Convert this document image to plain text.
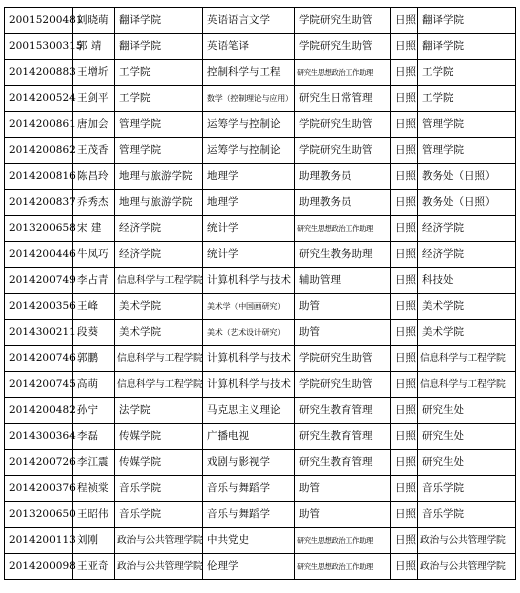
20015200481	刘晓萌	翻译学院	英语语言文学	学院研究生助管	日照	翻译学院
20015300315	郭 靖	翻译学院	英语笔译	学院研究生助管	日照	翻译学院
2014200883	王增圻	工学院	控制科学与工程	研究生思想政治工作助理	日照	工学院
2014200524	王剑平	工学院	数学（控制理论与应用）	研究生日常管理	日照	工学院
2014200861	唐加会	管理学院	运筹学与控制论	学院研究生助管	日照	管理学院
2014200862	王茂香	管理学院	运筹学与控制论	学院研究生助管	日照	管理学院
2014200816	陈昌玲	地理与旅游学院	地理学	助理教务员	日照	教务处（日照）
2014200837	乔秀杰	地理与旅游学院	地理学	助理教务员	日照	教务处（日照）
2013200658	宋 建	经济学院	统计学	研究生思想政治工作助理	日照	经济学院
2014200446	牛凤巧	经济学院	统计学	研究生教务助理	日照	经济学院
2014200749	李占青	信息科学与工程学院	计算机科学与技术	辅助管理	日照	科技处
2014200356	王峰	美术学院	美术学（中国画研究）	助管	日照	美术学院
2014300211	段葵	美术学院	美术（艺术设计研究）	助管	日照	美术学院
2014200746	郭鹏	信息科学与工程学院	计算机科学与技术	学院研究生助管	日照	信息科学与工程学院
2014200745	高萌	信息科学与工程学院	计算机科学与技术	学院研究生助管	日照	信息科学与工程学院
2014200482	孙宁	法学院	马克思主义理论	研究生教育管理	日照	研究生处
2014300364	李磊	传媒学院	广播电视	研究生教育管理	日照	研究生处
2014200726	李江震	传媒学院	戏剧与影视学	研究生教育管理	日照	研究生处
2014200376	程祯棠	音乐学院	音乐与舞蹈学	助管	日照	音乐学院
2013200650	王昭伟	音乐学院	音乐与舞蹈学	助管	日照	音乐学院
2014200113	刘刚	政治与公共管理学院	中共党史	研究生思想政治工作助理	日照	政治与公共管理学院
2014200098	王亚奇	政治与公共管理学院	伦理学	研究生思想政治工作助理	日照	政治与公共管理学院
